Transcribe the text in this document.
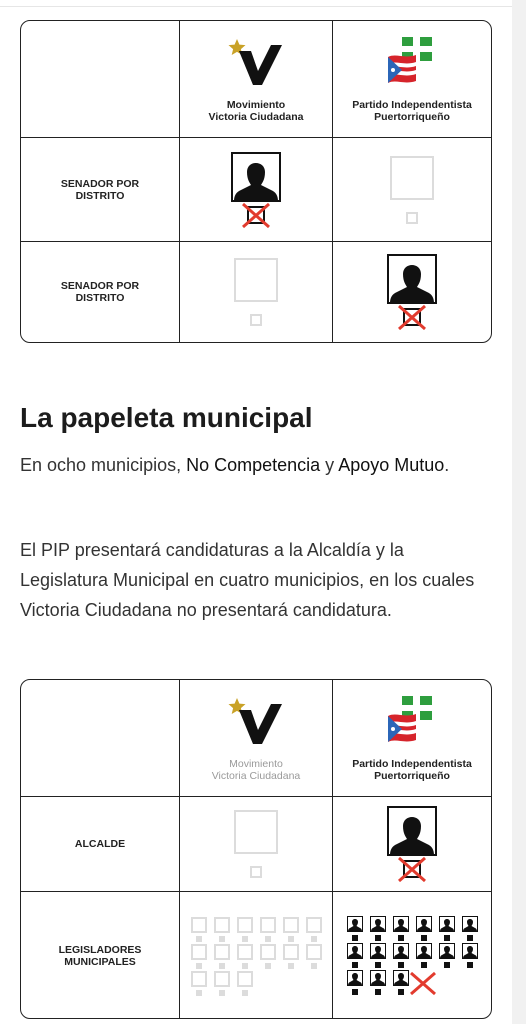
Movimiento
Victoria Ciudadana
Partido Independentista
Puertorriqueño
SENADOR POR
DISTRITO
SENADOR POR
DISTRITO
La papeleta municipal

En ocho municipios, No Competencia y Apoyo Mutuo.

El PIP presentará candidaturas a la Alcaldía y la Legislatura Municipal en cuatro municipios, en los cuales Victoria Ciudadana no presentará candidatura.

Movimiento
Victoria Ciudadana
Partido Independentista
Puertorriqueño
ALCALDE
LEGISLADORES
MUNICIPALES
